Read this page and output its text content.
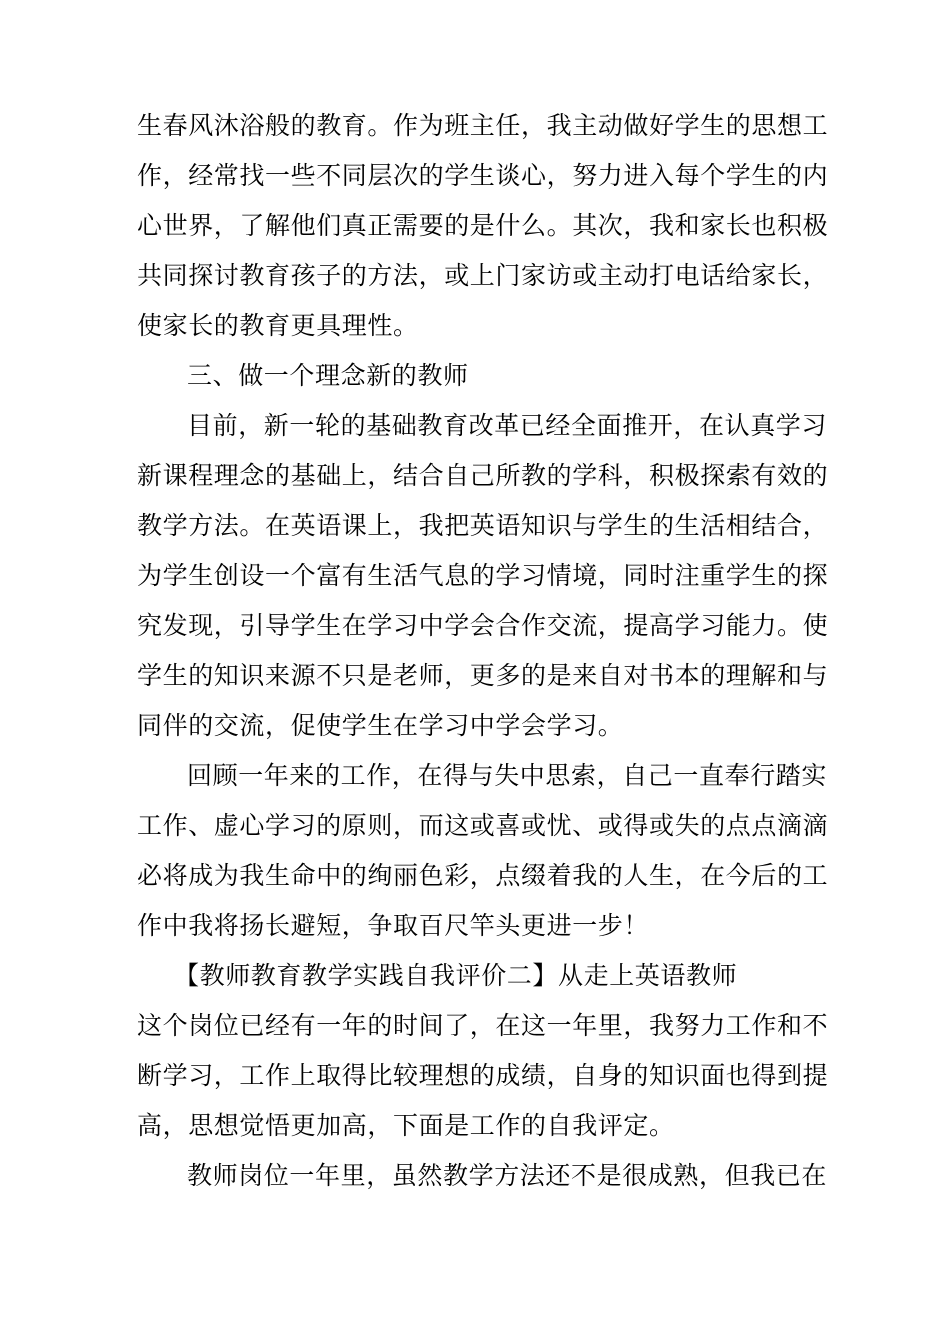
生春风沐浴般的教育。作为班主任，我主动做好学生的思想工
作，经常找一些不同层次的学生谈心，努力进入每个学生的内
心世界，了解他们真正需要的是什么。其次，我和家长也积极
共同探讨教育孩子的方法，或上门家访或主动打电话给家长，
使家长的教育更具理性。
三、做一个理念新的教师
目前，新一轮的基础教育改革已经全面推开，在认真学习
新课程理念的基础上，结合自己所教的学科，积极探索有效的
教学方法。在英语课上，我把英语知识与学生的生活相结合，
为学生创设一个富有生活气息的学习情境，同时注重学生的探
究发现，引导学生在学习中学会合作交流，提高学习能力。使
学生的知识来源不只是老师，更多的是来自对书本的理解和与
同伴的交流，促使学生在学习中学会学习。
回顾一年来的工作，在得与失中思索，自己一直奉行踏实
工作、虚心学习的原则，而这或喜或忧、或得或失的点点滴滴
必将成为我生命中的绚丽色彩，点缀着我的人生，在今后的工
作中我将扬长避短，争取百尺竿头更进一步！
【教师教育教学实践自我评价二】从走上英语教师
这个岗位已经有一年的时间了，在这一年里，我努力工作和不
断学习，工作上取得比较理想的成绩，自身的知识面也得到提
高，思想觉悟更加高，下面是工作的自我评定。
教师岗位一年里，虽然教学方法还不是很成熟，但我已在
